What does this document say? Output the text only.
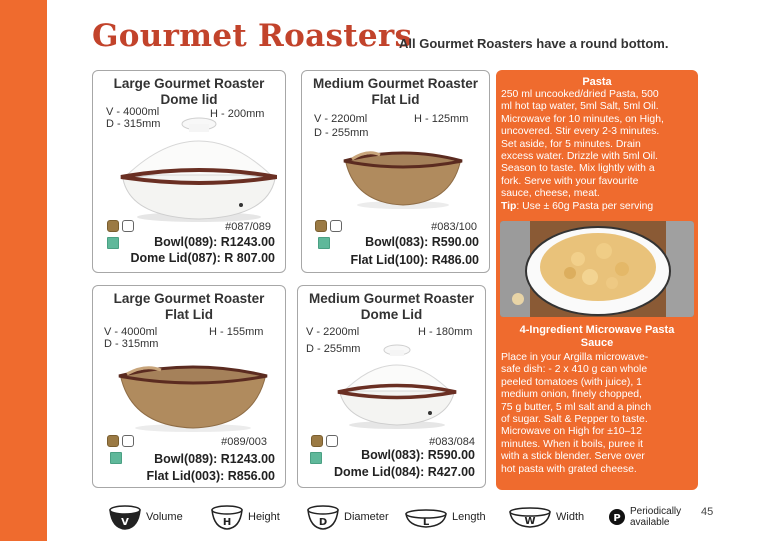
Gourmet Roasters
All Gourmet Roasters have a round bottom.
Large Gourmet Roaster
Dome lid
V - 4000ml
D - 315mm
H - 200mm
#087/089
Bowl(089): R1243.00
Dome Lid(087): R 807.00
Medium Gourmet Roaster
Flat Lid
V - 2200ml
D - 255mm
H - 125mm
#083/100
Bowl(083): R590.00
Flat Lid(100): R486.00
Large Gourmet Roaster
Flat Lid
V - 4000ml
D - 315mm
H - 155mm
#089/003
Bowl(089): R1243.00
Flat Lid(003): R856.00
Medium Gourmet Roaster
Dome Lid
V - 2200ml
D - 255mm
H - 180mm
#083/084
Bowl(083): R590.00
Dome Lid(084): R427.00
Pasta
250 ml uncooked/dried Pasta, 500
ml hot tap water, 5ml Salt, 5ml Oil.
Microwave for 10 minutes, on High,
uncovered. Stir every 2-3 minutes.
Set aside, for 5 minutes. Drain
excess water. Drizzle with 5ml Oil.
Season to taste. Mix lightly with a
fork. Serve with your favourite
sauce, cheese, meat.
Tip: Use ± 60g Pasta per serving
4-Ingredient Microwave Pasta
Sauce
Place in your Argilla microwave-
safe dish: - 2 x 410 g can whole
peeled tomatoes (with juice), 1
medium onion, finely chopped,
75 g butter, 5 ml salt and a pinch
of sugar. Salt & Pepper to taste.
Microwave on High for ±10–12
minutes. When it boils, puree it
with a stick blender. Serve over
hot pasta with grated cheese.
V Volume	H Height	D Diameter	L Length	W Width	P
Periodically
available
45
